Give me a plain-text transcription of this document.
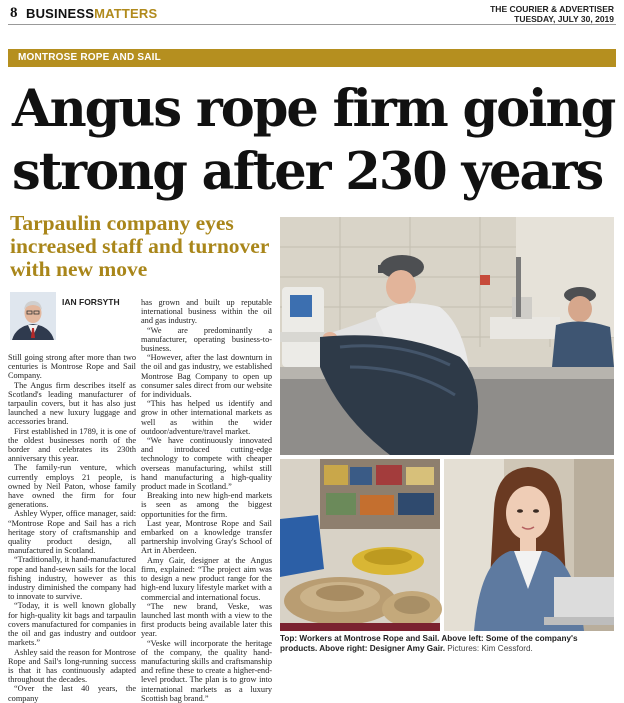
8 BUSINESSMATTERS	THE COURIER & ADVERTISER
TUESDAY, JULY 30, 2019
MONTROSE ROPE AND SAIL
Angus rope firm going strong after 230 years
Tarpaulin company eyes increased staff and turnover with new move
IAN FORSYTH

Still going strong after more than two centuries is Montrose Rope and Sail Company.

The Angus firm describes itself as Scotland's leading manufacturer of tarpaulin covers, but it has also just launched a new luxury luggage and accessories brand.

First established in 1789, it is one of the oldest businesses north of the border and celebrates its 230th anniversary this year.

The family-run venture, which currently employs 21 people, is owned by Neil Paton, whose family have owned the firm for four generations.

Ashley Wyper, office manager, said: “Montrose Rope and Sail has a rich heritage story of craftsmanship and quality product design, all manufactured in Scotland.

“Traditionally, it hand-manufactured rope and hand-sewn sails for the local fishing industry, however as this industry diminished the company had to innovate to survive.

“Today, it is well known globally for high-quality kit bags and tarpaulin covers manufactured for companies in the oil and gas industry and outdoor markets.”

Ashley said the reason for Montrose Rope and Sail's long-running success is that it has continuously adapted throughout the decades.

“Over the last 40 years, the company

has grown and built up reputable international business within the oil and gas industry.

“We are predominantly a manufacturer, operating business-to-business.

“However, after the last downturn in the oil and gas industry, we established Montrose Bag Company to open up consumer sales direct from our website for individuals.

“This has helped us identify and grow in other international markets as well as within the wider outdoor/adventure/travel market.

“We have continuously innovated and introduced cutting-edge technology to compete with cheaper overseas manufacturing, whilst still hand manufacturing a high-quality product made in Scotland.”

Breaking into new high-end markets is seen as among the biggest opportunities for the firm.

Last year, Montrose Rope and Sail embarked on a knowledge transfer partnership involving Gray's School of Art in Aberdeen.

Amy Gair, designer at the Angus firm, explained: “The project aim was to design a new product range for the high-end luxury lifestyle market with a commercial and international focus.

“The new brand, Veske, was launched last month with a view to the first products being available later this year.

“Veske will incorporate the heritage of the company, the quality hand-manufacturing skills and craftsmanship and refine these to create a higher-end-level product. The plan is to grow into international markets as a luxury Scottish bag brand.”

Top: Workers at Montrose Rope and Sail. Above left: Some of the company's products. Above right: Designer Amy Gair. Pictures: Kim Cessford.
